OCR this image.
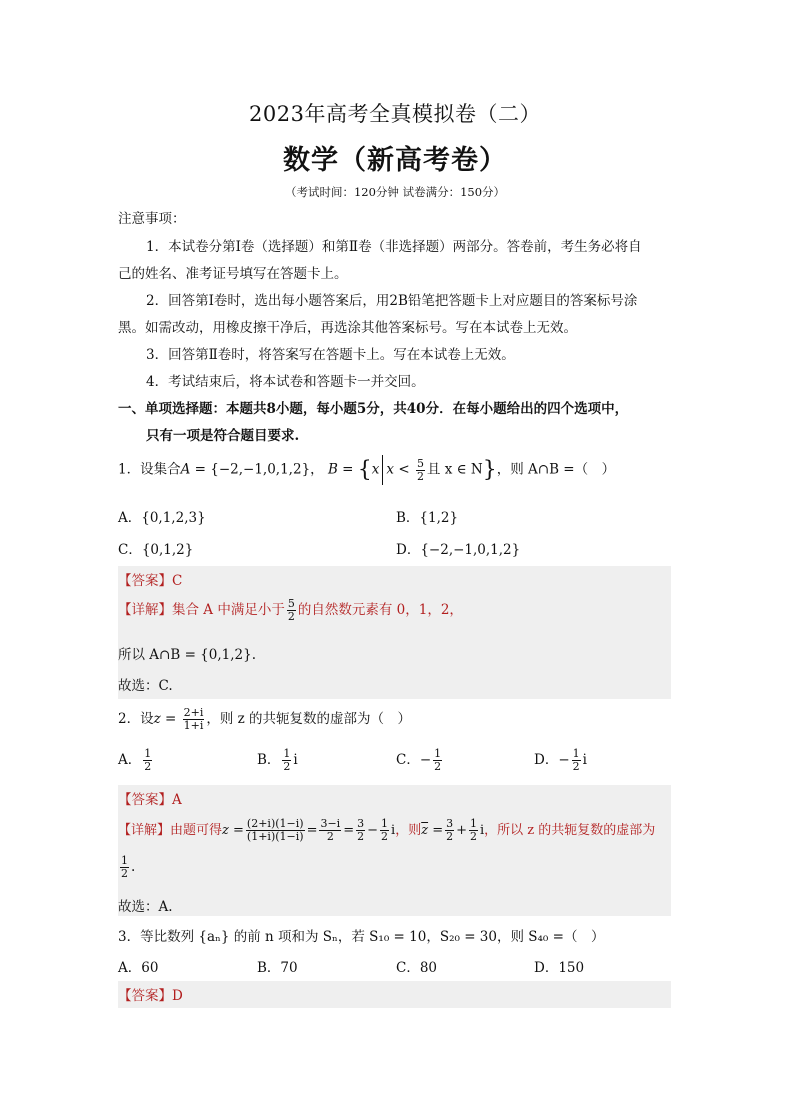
2023年高考全真模拟卷（二）
数学（新高考卷）
（考试时间：120分钟 试卷满分：150分）
注意事项：
1．本试卷分第Ⅰ卷（选择题）和第Ⅱ卷（非选择题）两部分。答卷前，考生务必将自
己的姓名、准考证号填写在答题卡上。
2．回答第Ⅰ卷时，选出每小题答案后，用2B铅笔把答题卡上对应题目的答案标号涂
黑。如需改动，用橡皮擦干净后，再选涂其他答案标号。写在本试卷上无效。
3．回答第Ⅱ卷时，将答案写在答题卡上。写在本试卷上无效。
4．考试结束后，将本试卷和答题卡一并交回。
一、单项选择题：本题共8小题，每小题5分，共40分．在每小题给出的四个选项中，
只有一项是符合题目要求.
1．设集合A = {−2,−1,0,1,2}， B = {x $x < \frac{5}{2}$ 且 x ∈ N}，则 A∩B =（　）
A．{0,1,2,3}	B．{1,2}
C．{0,1,2}	D．{−2,−1,0,1,2}
【答案】C
【详解】集合 A 中满足小于 $\frac{5}{2}$ 的自然数元素有 0，1，2，
所以 A∩B = {0,1,2}.
故选：C.
2．设$z = \frac{2+i}{1+i}$ ，则 z 的共轭复数的虚部为（　）
A． $\frac{1}{2}$	B． $\frac{1}{2}$ i	C．− $\frac{1}{2}$	D．− $\frac{1}{2}$ i
【答案】A
【详解】由题可得$z = \frac{(2+i)(1-i)}{(1+i)(1-i)} = \frac{3-i}{2} = \frac{3}{2} - \frac{1}{2}$ i，则$\overline{z} = \frac{3}{2} + \frac{1}{2}$ i，所以 z 的共轭复数的虚部为
$\frac{1}{2}$ .
故选：A.
3．等比数列 {aₙ} 的前 n 项和为 Sₙ，若 S₁₀ = 10，S₂₀ = 30，则 S₄₀ =（　）
A．60	B．70	C．80	D．150
【答案】D
